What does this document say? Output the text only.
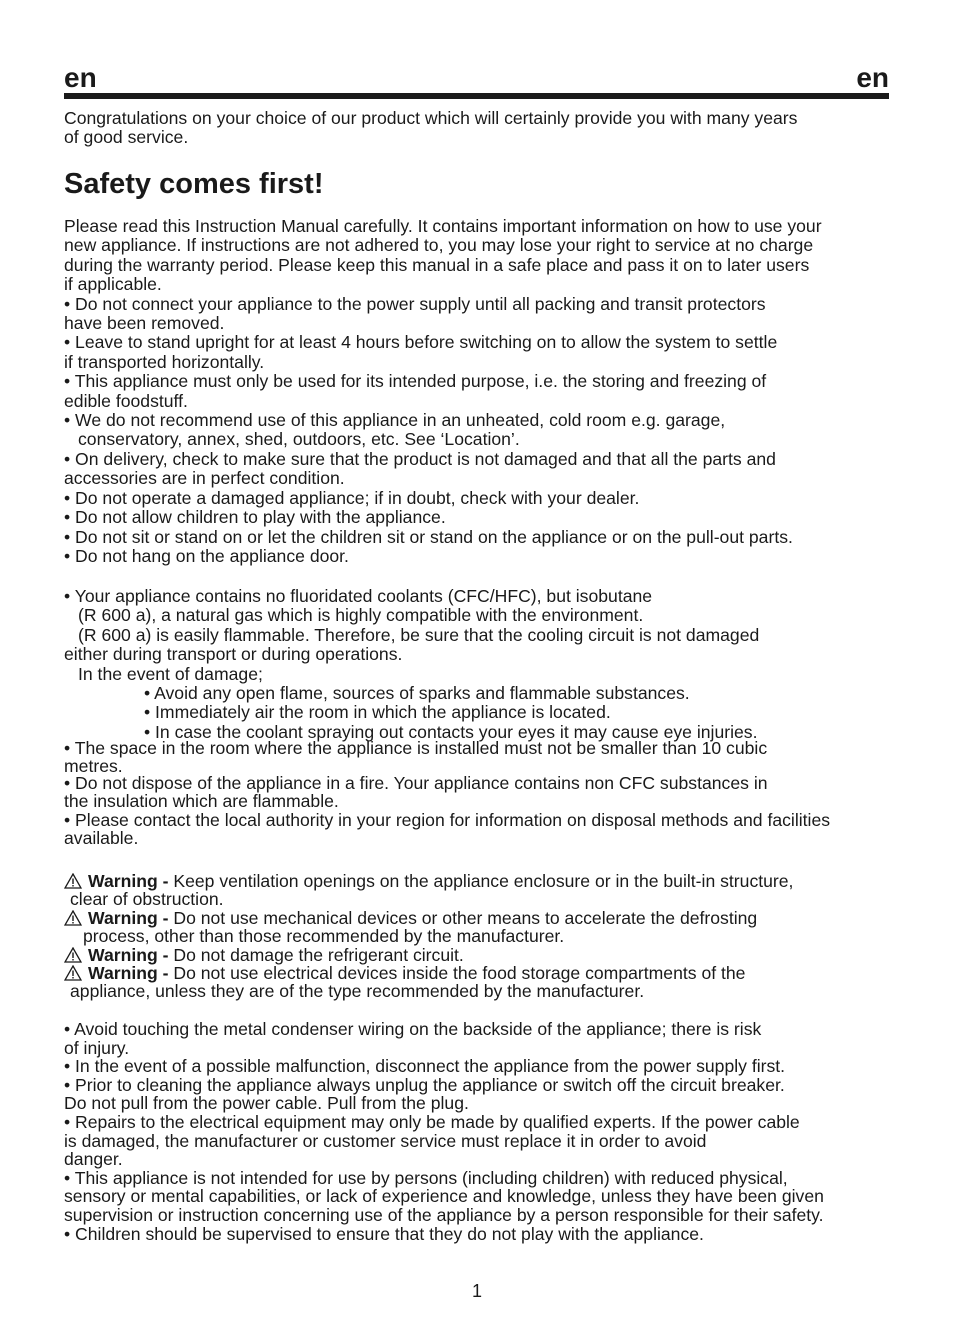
en	en
Congratulations on your choice of our product which will certainly provide you with many years
of good service.
Safety comes first!
Please read this Instruction Manual carefully. It contains important information on how to use your
new appliance. If instructions are not adhered to, you may lose your right to service at no charge
during the warranty period. Please keep this manual in a safe place and pass it on to later users
if applicable.
• Do not connect your appliance to the power supply until all packing and transit protectors
have been removed.
• Leave to stand upright for at least 4 hours before switching on to allow the system to settle
if transported horizontally.
• This appliance must only be used for its intended purpose, i.e. the storing and freezing of
edible foodstuff.
• We do not recommend use of this appliance in an unheated, cold room e.g. garage,
conservatory, annex, shed, outdoors, etc. See ‘Location’.
• On delivery, check to make sure that the product is not damaged and that all the parts and
accessories are in perfect condition.
• Do not operate a damaged appliance; if in doubt, check with your dealer.
• Do not allow children to play with the appliance.
• Do not sit or stand on or let the children sit or stand on the appliance or on the pull-out parts.
• Do not hang on the appliance door.
• Your appliance contains no fluoridated coolants (CFC/HFC), but isobutane
(R 600 a), a natural gas which is highly compatible with the environment.
(R 600 a) is easily flammable. Therefore, be sure that the cooling circuit is not damaged
either during transport or during operations.
In the event of damage;
• Avoid any open flame, sources of sparks and flammable substances.
• Immediately air the room in which the appliance is located.
• In case the coolant spraying out contacts your eyes it may cause eye injuries.
• The space in the room where the appliance is installed must not be smaller than 10 cubic
metres.
• Do not dispose of the appliance in a fire. Your appliance contains non CFC substances in
the insulation which are flammable.
• Please contact the local authority in your region for information on disposal methods and facilities
available.
Warning - Keep ventilation openings on the appliance enclosure or in the built-in structure,
clear of obstruction.
Warning - Do not use mechanical devices or other means to accelerate the defrosting
process, other than those recommended by the manufacturer.
Warning - Do not damage the refrigerant circuit.
Warning - Do not use electrical devices inside the food storage compartments of the
appliance, unless they are of the type recommended by the manufacturer.
• Avoid touching the metal condenser wiring on the backside of the appliance; there is risk
of injury.
• In the event of a possible malfunction, disconnect the appliance from the power supply first.
• Prior to cleaning the appliance always unplug the appliance or switch off the circuit breaker.
Do not pull from the power cable. Pull from the plug.
• Repairs to the electrical equipment may only be made by qualified experts. If the power cable
is damaged, the manufacturer or customer service must replace it in order to avoid
danger.
• This appliance is not intended for use by persons (including children) with reduced physical,
sensory or mental capabilities, or lack of experience and knowledge, unless they have been given
supervision or instruction concerning use of the appliance by a person responsible for their safety.
• Children should be supervised to ensure that they do not play with the appliance.
1
